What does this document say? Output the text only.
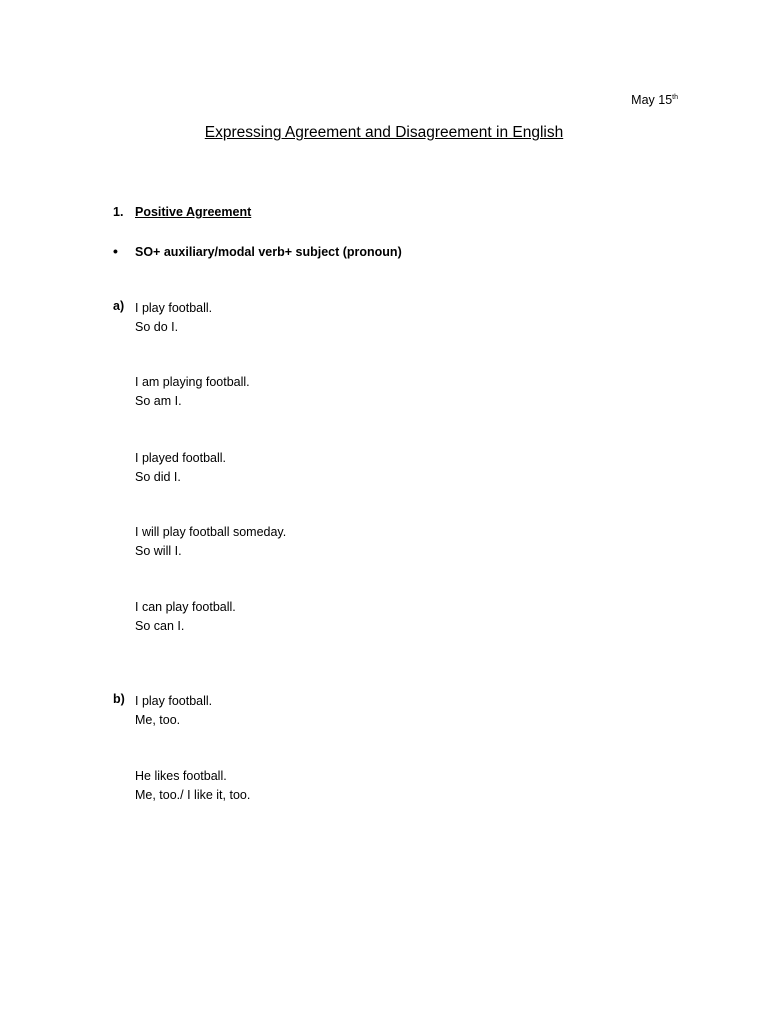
May 15th
Expressing Agreement and Disagreement in English
1. Positive Agreement
• SO+ auxiliary/modal verb+ subject (pronoun)
a) I play football.
So do I.
I am playing football.
So am I.
I played football.
So did I.
I will play football someday.
So will I.
I can play football.
So can I.
b) I play football.
Me, too.
He likes football.
Me, too./ I like it, too.
